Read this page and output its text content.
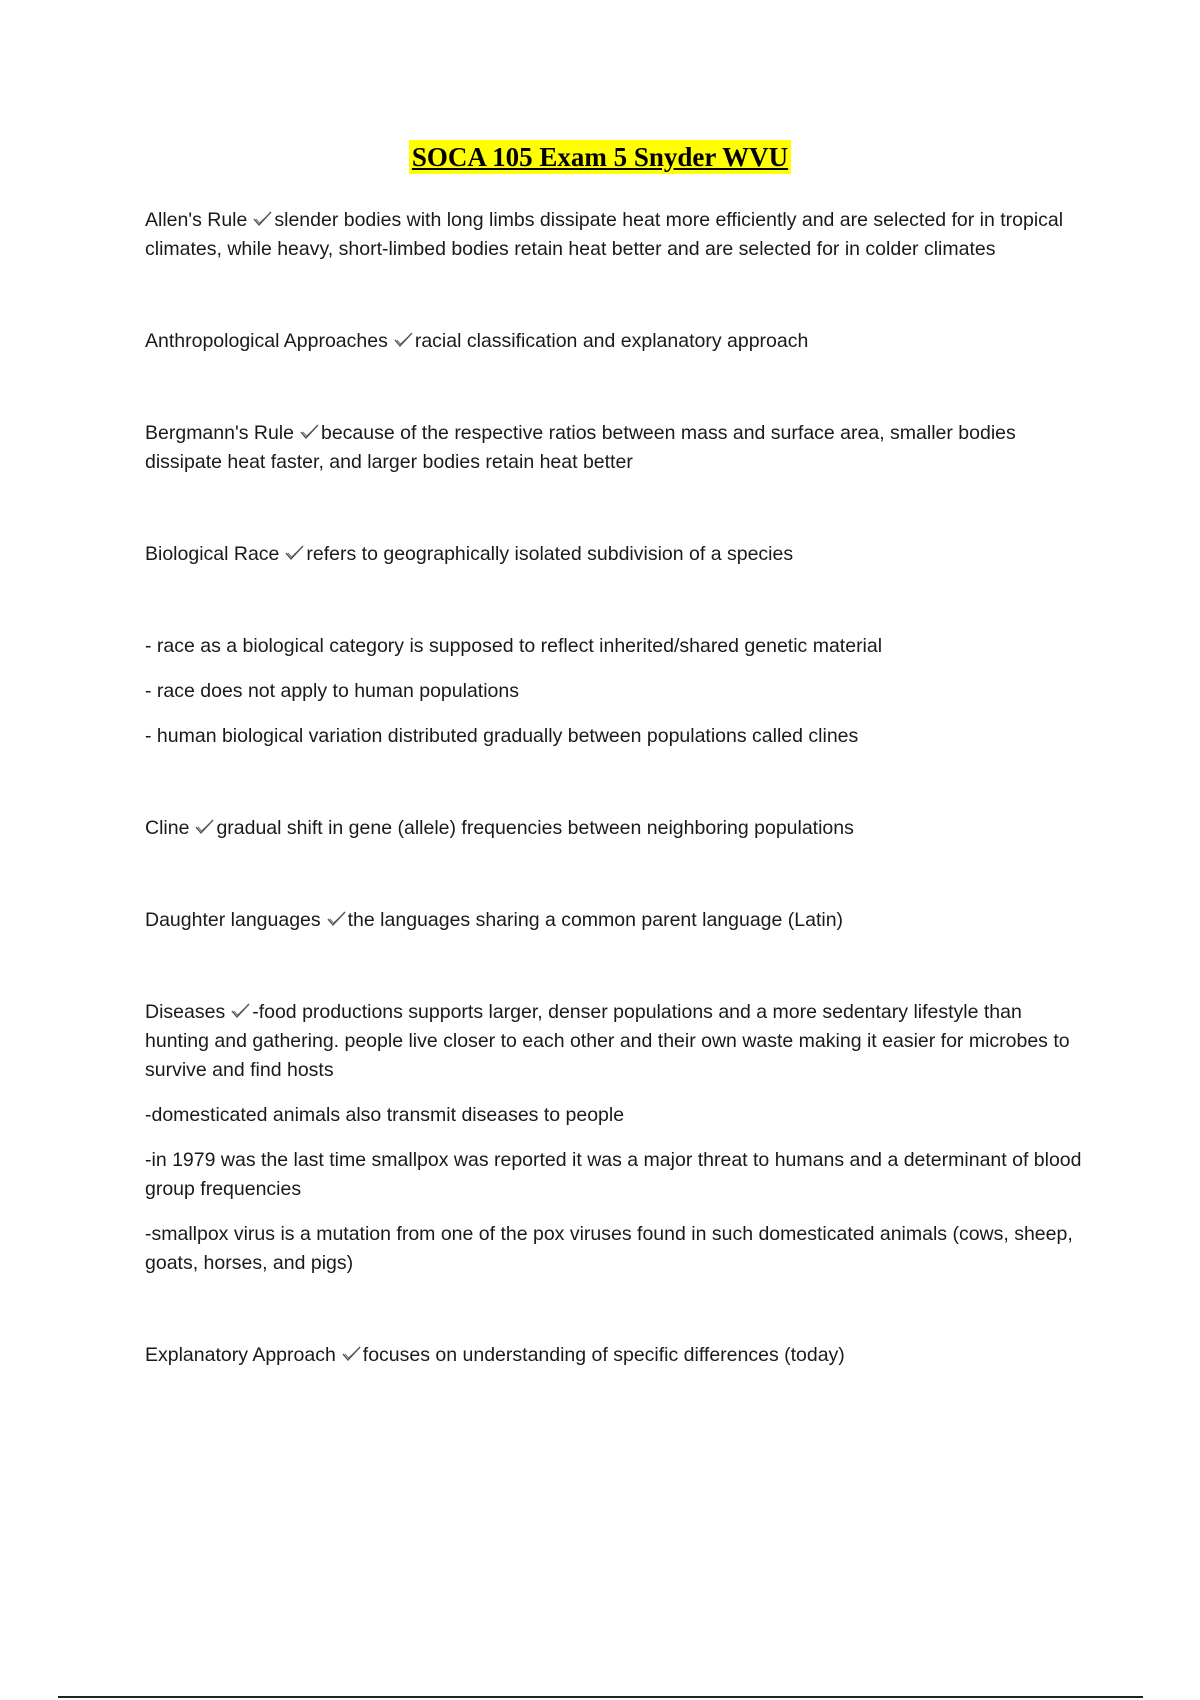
SOCA 105 Exam 5 Snyder WVU

Allen's Rule slender bodies with long limbs dissipate heat more efficiently and are selected for in tropical climates, while heavy, short-limbed bodies retain heat better and are selected for in colder climates

Anthropological Approaches racial classification and explanatory approach

Bergmann's Rule because of the respective ratios between mass and surface area, smaller bodies dissipate heat faster, and larger bodies retain heat better

Biological Race refers to geographically isolated subdivision of a species

- race as a biological category is supposed to reflect inherited/shared genetic material

- race does not apply to human populations

- human biological variation distributed gradually between populations called clines

Cline gradual shift in gene (allele) frequencies between neighboring populations

Daughter languages the languages sharing a common parent language (Latin)

Diseases -food productions supports larger, denser populations and a more sedentary lifestyle than hunting and gathering. people live closer to each other and their own waste making it easier for microbes to survive and find hosts

-domesticated animals also transmit diseases to people

-in 1979 was the last time smallpox was reported it was a major threat to humans and a determinant of blood group frequencies

-smallpox virus is a mutation from one of the pox viruses found in such domesticated animals (cows, sheep, goats, horses, and pigs)

Explanatory Approach focuses on understanding of specific differences (today)
